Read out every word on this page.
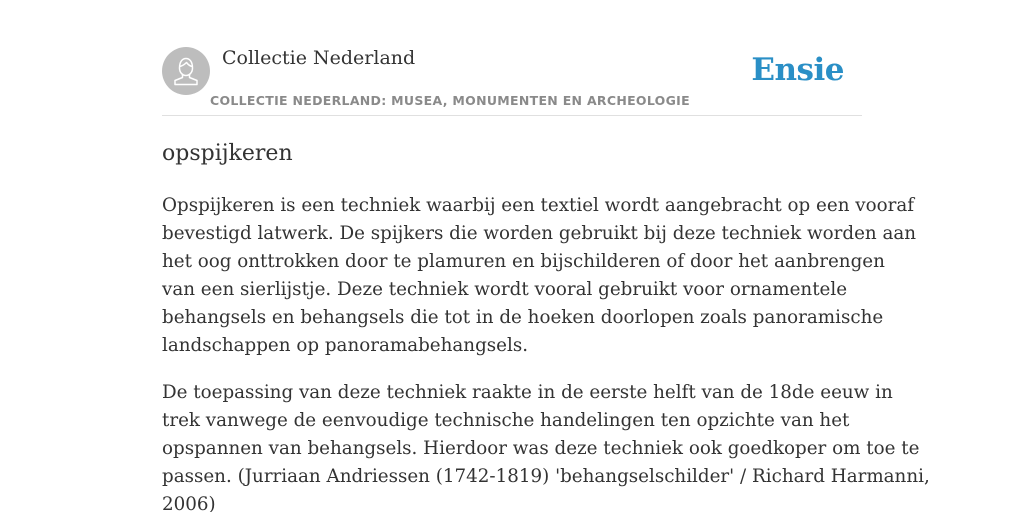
Collectie Nederland
COLLECTIE NEDERLAND: MUSEA, MONUMENTEN EN ARCHEOLOGIE
Ensie
opspijkeren

Opspijkeren is een techniek waarbij een textiel wordt aangebracht op een vooraf
bevestigd latwerk. De spijkers die worden gebruikt bij deze techniek worden aan
het oog onttrokken door te plamuren en bijschilderen of door het aanbrengen
van een sierlijstje. Deze techniek wordt vooral gebruikt voor ornamentele
behangsels en behangsels die tot in de hoeken doorlopen zoals panoramische
landschappen op panoramabehangsels.

De toepassing van deze techniek raakte in de eerste helft van de 18de eeuw in
trek vanwege de eenvoudige technische handelingen ten opzichte van het
opspannen van behangsels. Hierdoor was deze techniek ook goedkoper om toe te
passen. (Jurriaan Andriessen (1742-1819) 'behangselschilder' / Richard Harmanni,
2006)
